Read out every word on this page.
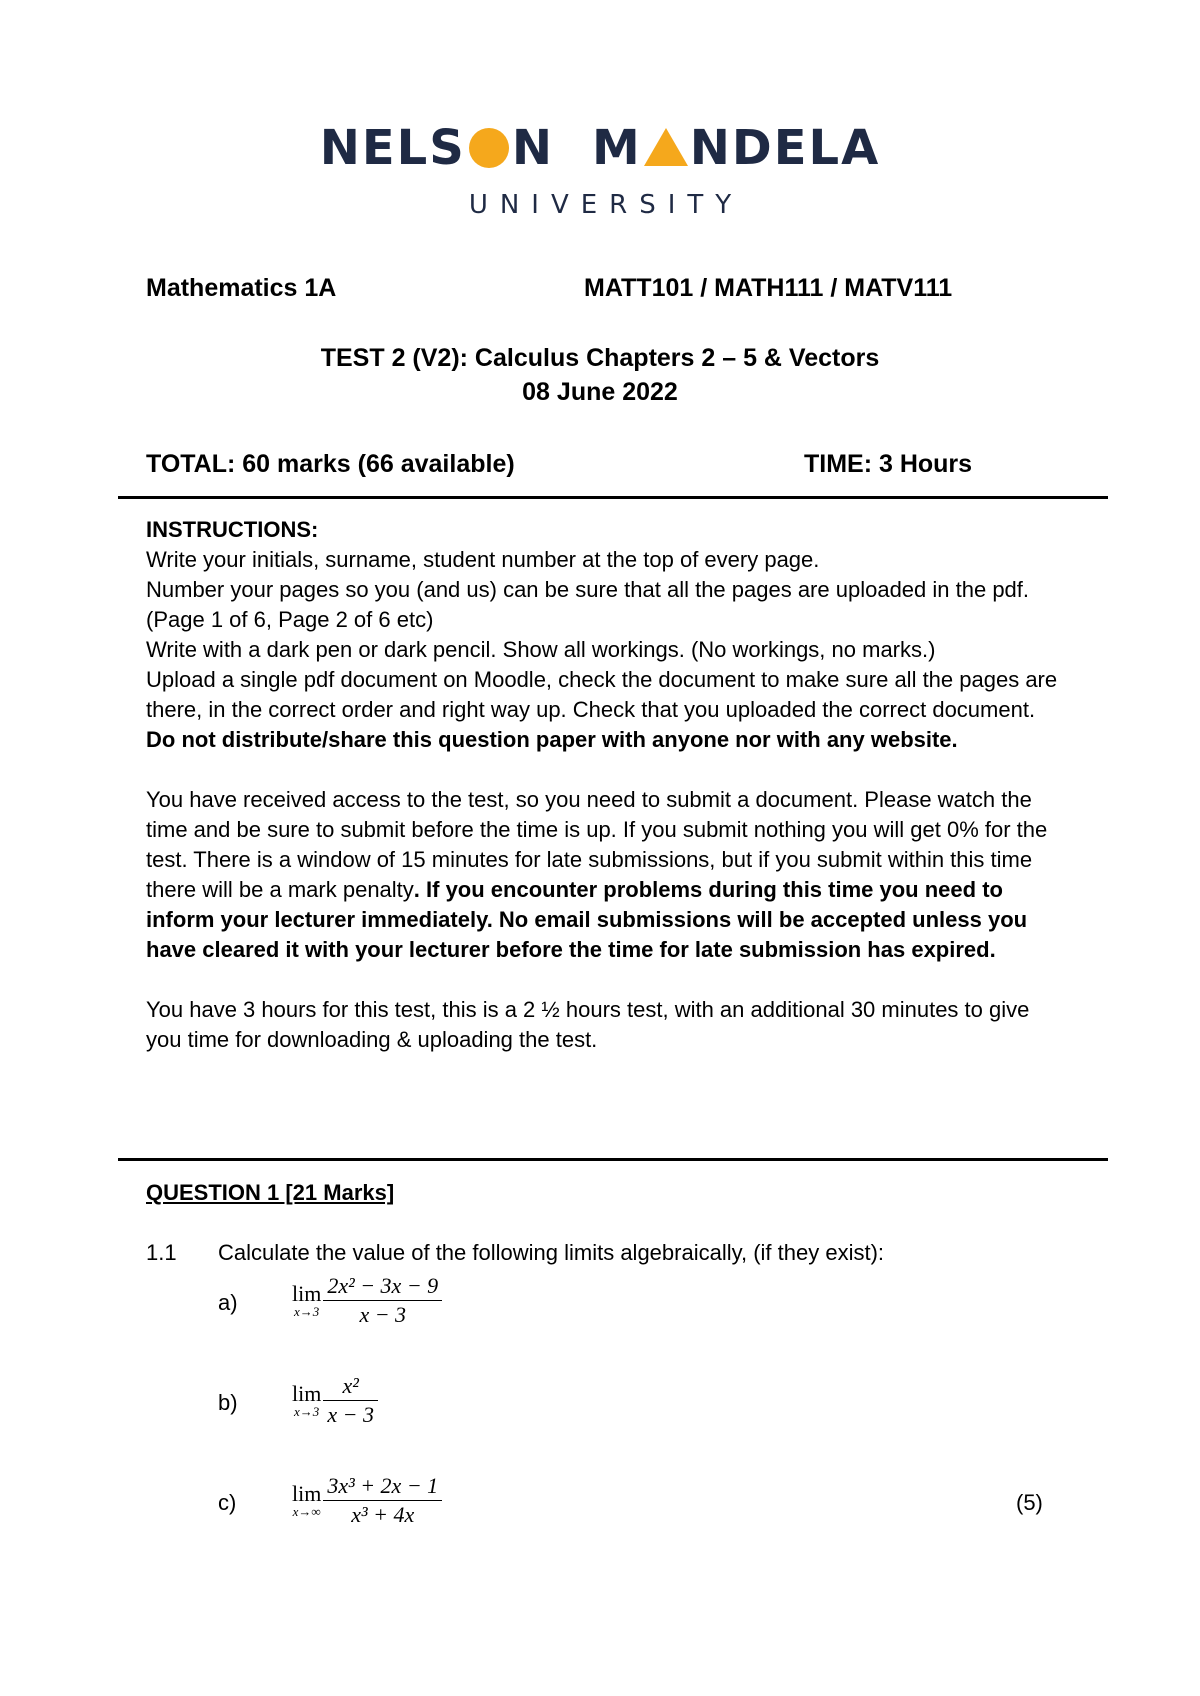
NELS N M NDELA
UNIVERSITY
Mathematics 1A	MATT101 / MATH111 / MATV111
TEST 2 (V2): Calculus Chapters 2 – 5 & Vectors
08 June 2022
TOTAL: 60 marks (66 available)	TIME: 3 Hours

INSTRUCTIONS:

Write your initials, surname, student number at the top of every page.

Number your pages so you (and us) can be sure that all the pages are uploaded in the pdf. (Page 1 of 6, Page 2 of 6 etc)

Write with a dark pen or dark pencil. Show all workings. (No workings, no marks.)

Upload a single pdf document on Moodle, check the document to make sure all the pages are there, in the correct order and right way up. Check that you uploaded the correct document.

Do not distribute/share this question paper with anyone nor with any website.

You have received access to the test, so you need to submit a document. Please watch the time and be sure to submit before the time is up. If you submit nothing you will get 0% for the test. There is a window of 15 minutes for late submissions, but if you submit within this time there will be a mark penalty. If you encounter problems during this time you need to inform your lecturer immediately. No email submissions will be accepted unless you have cleared it with your lecturer before the time for late submission has expired.

You have 3 hours for this test, this is a 2 ½ hours test, with an additional 30 minutes to give you time for downloading & uploading the test.

QUESTION 1 [21 Marks]
1.1 Calculate the value of the following limits algebraically, (if they exist):
a) lim
$x\to 3 \frac{\text{2x² − 3x − 9}}{x - 3}$
b) lim
$x\to 3 \frac{\text{x²}}{x - 3}$
c)	lim
$x\to\infty \frac{\text{3x³ + 2x − 1}}{\text{x³ + 4x}}$	(5)
